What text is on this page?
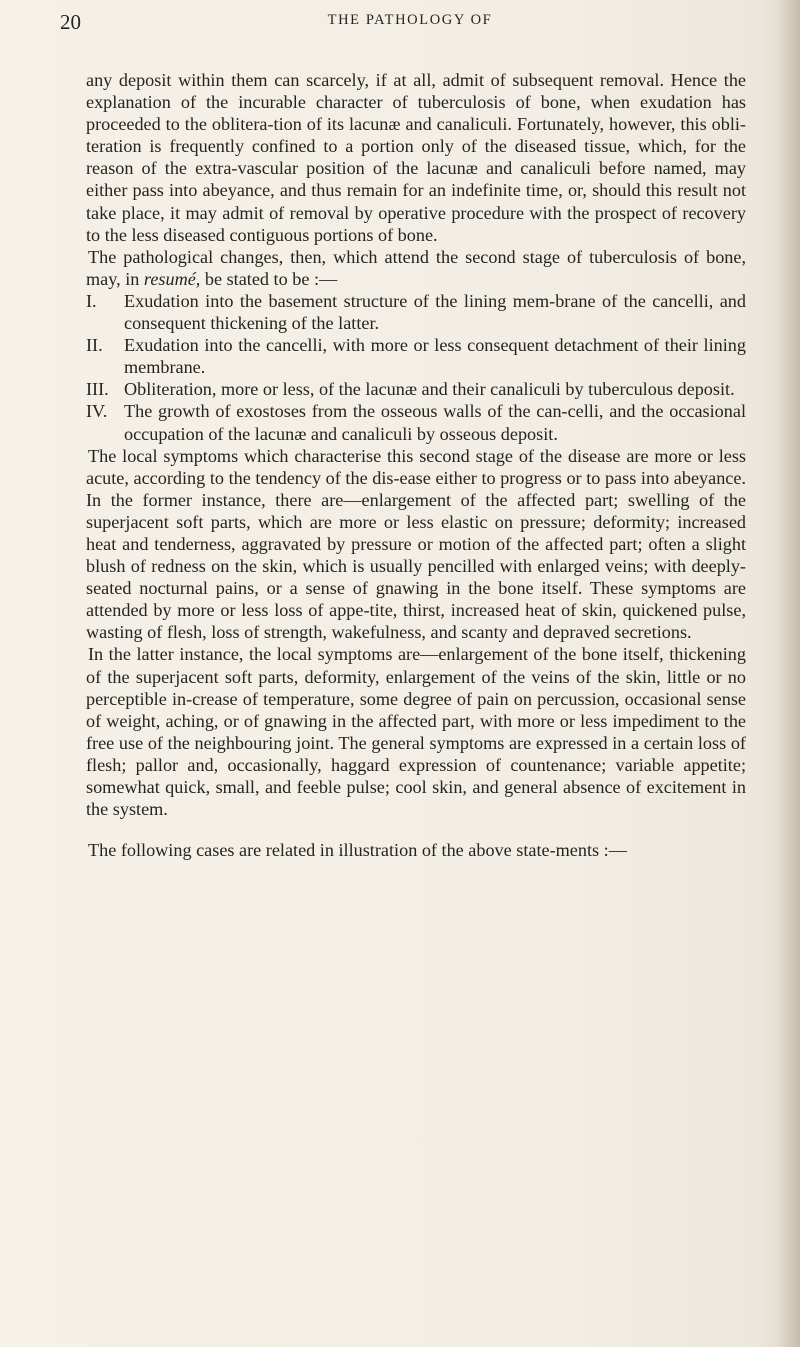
20	THE PATHOLOGY OF

any deposit within them can scarcely, if at all, admit of subsequent removal. Hence the explanation of the incurable character of tuberculosis of bone, when exudation has proceeded to the oblitera-tion of its lacunæ and canaliculi. Fortunately, however, this obli-teration is frequently confined to a portion only of the diseased tissue, which, for the reason of the extra-vascular position of the lacunæ and canaliculi before named, may either pass into abeyance, and thus remain for an indefinite time, or, should this result not take place, it may admit of removal by operative procedure with the prospect of recovery to the less diseased contiguous portions of bone.

The pathological changes, then, which attend the second stage of tuberculosis of bone, may, in resumé, be stated to be :—

I. Exudation into the basement structure of the lining mem-brane of the cancelli, and consequent thickening of the latter.
II. Exudation into the cancelli, with more or less consequent detachment of their lining membrane.
III. Obliteration, more or less, of the lacunæ and their canaliculi by tuberculous deposit.
IV. The growth of exostoses from the osseous walls of the can-celli, and the occasional occupation of the lacunæ and canaliculi by osseous deposit.

The local symptoms which characterise this second stage of the disease are more or less acute, according to the tendency of the dis-ease either to progress or to pass into abeyance. In the former instance, there are—enlargement of the affected part; swelling of the superjacent soft parts, which are more or less elastic on pressure; deformity; increased heat and tenderness, aggravated by pressure or motion of the affected part; often a slight blush of redness on the skin, which is usually pencilled with enlarged veins; with deeply-seated nocturnal pains, or a sense of gnawing in the bone itself. These symptoms are attended by more or less loss of appe-tite, thirst, increased heat of skin, quickened pulse, wasting of flesh, loss of strength, wakefulness, and scanty and depraved secretions.

In the latter instance, the local symptoms are—enlargement of the bone itself, thickening of the superjacent soft parts, deformity, enlargement of the veins of the skin, little or no perceptible in-crease of temperature, some degree of pain on percussion, occasional sense of weight, aching, or of gnawing in the affected part, with more or less impediment to the free use of the neighbouring joint. The general symptoms are expressed in a certain loss of flesh; pallor and, occasionally, haggard expression of countenance; variable appetite; somewhat quick, small, and feeble pulse; cool skin, and general absence of excitement in the system.

The following cases are related in illustration of the above state-ments :—
